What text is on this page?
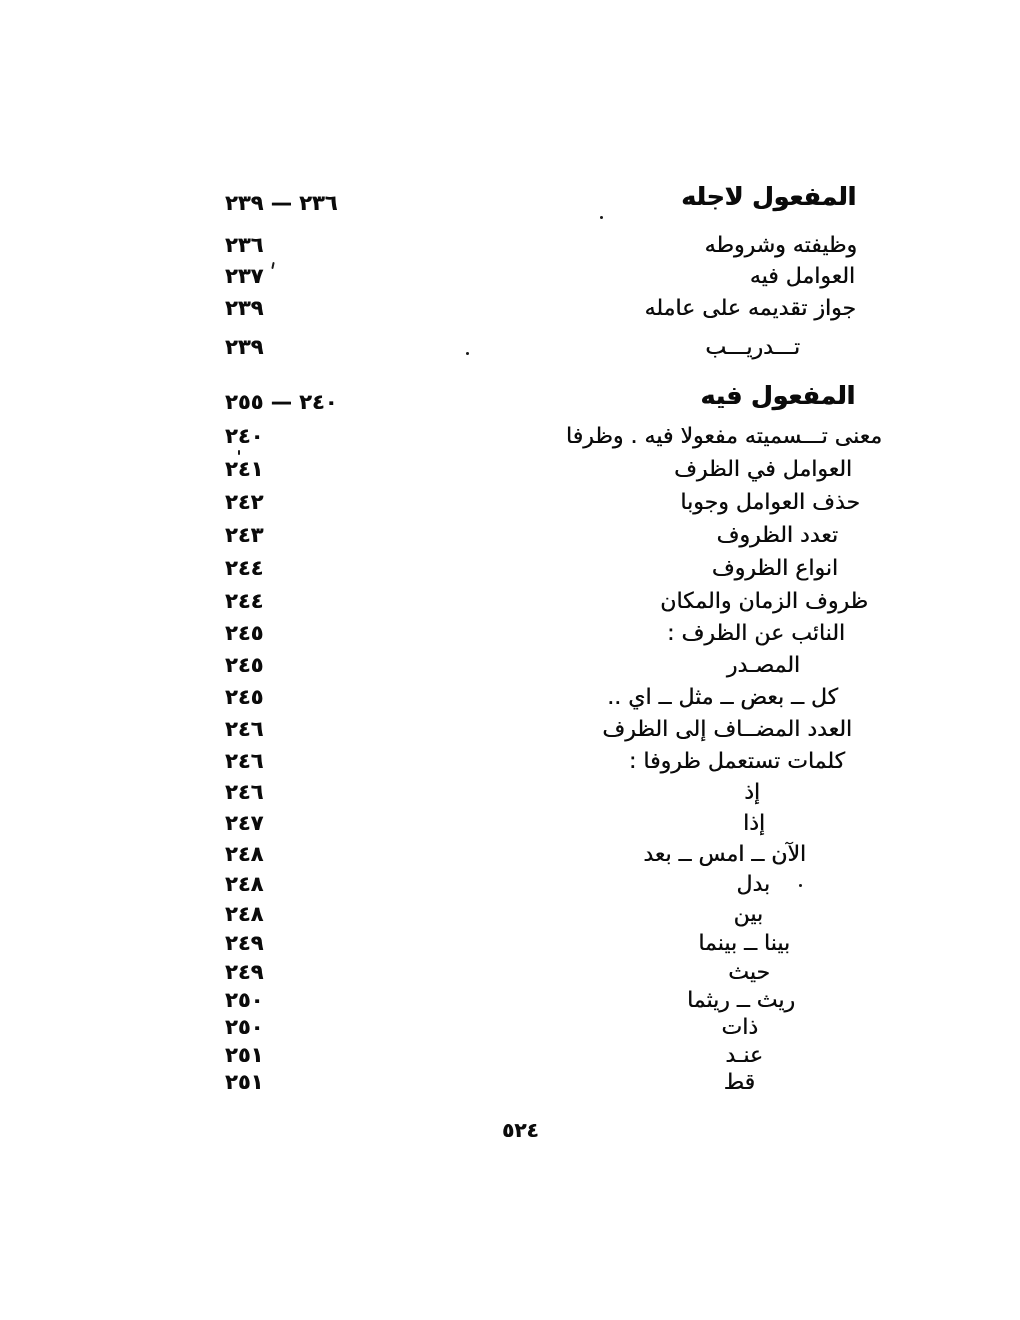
٢٣٦ — ٢٣٩	المفعول لاجله
٢٣٦	وظيفته وشروطه
٢٣٧	العوامل فيه
٢٣٩	جواز تقديمه على عامله
٢٣٩	تـــدريـــب
٢٤٠ — ٢٥٥	المفعول فيه
٢٤٠	معنى تـــسميته مفعولا فيه . وظرفا
٢٤١	العوامل في الظرف
٢٤٢	حذف العوامل وجوبا
٢٤٣	تعدد الظروف
٢٤٤	انواع الظروف
٢٤٤	ظروف الزمان والمكان
٢٤٥	النائب عن الظرف :
٢٤٥	المصـدر
٢٤٥	كل ــ بعض ــ مثل ــ اي ..
٢٤٦	العدد المضــاف إلى الظرف
٢٤٦	كلمات تستعمل ظروفا :
٢٤٦	إذ
٢٤٧	إذا
٢٤٨	الآن ــ امس ــ بعد
٢٤٨	بدل
٢٤٨	بين
٢٤٩	بينا ــ بينما
٢٤٩	حيث
٢٥٠	ريث ــ ريثما
٢٥٠	ذات
٢٥١	عنـد
٢٥١	قط
٥٢٤
